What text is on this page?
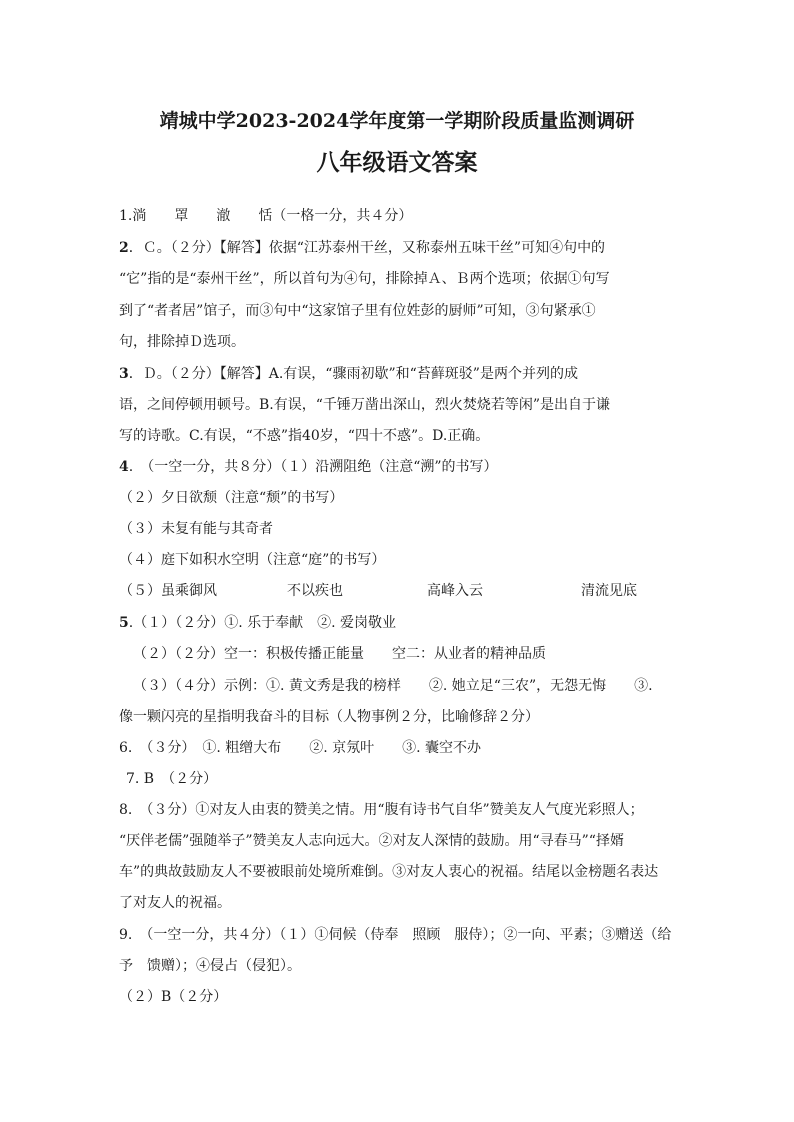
靖城中学2023-2024学年度第一学期阶段质量监测调研
八年级语文答案
1.淌　　罩　　澈　　恬（一格一分，共４分）
2．Ｃ。（２分）【解答】依据“江苏泰州干丝，又称泰州五味干丝”可知④句中的
“它”指的是“泰州干丝”，所以首句为④句，排除掉Ａ、Ｂ两个选项；依据①句写
到了“者者居”馆子，而③句中“这家馆子里有位姓彭的厨师”可知，③句紧承①
句，排除掉Ｄ选项。
3．Ｄ。（２分）【解答】A.有误，“骤雨初歇”和“苔藓斑驳”是两个并列的成
语，之间停顿用顿号。B.有误，“千锤万凿出深山，烈火焚烧若等闲”是出自于谦
写的诗歌。C.有误，“不惑”指40岁，“四十不惑”。D.正确。
4.　（一空一分，共８分）（１）沿溯阻绝（注意“溯”的书写）
（２）夕日欲颓（注意“颓”的书写）
（３）未复有能与其奇者
（４）庭下如积水空明（注意“庭”的书写）
（５）虽乘御风　　　　　不以疾也　　　　　　高峰入云　　　　　　　清流见底
5.（１）（２分）①. 乐于奉献　②. 爱岗敬业
（２）（２分）空一：积极传播正能量　　空二：从业者的精神品质
（３）（４分）示例：①. 黄文秀是我的榜样　　②. 她立足“三农”，无怨无悔　　③.
像一颗闪亮的星指明我奋斗的目标（人物事例２分，比喻修辞２分）
6.　（３分）　①. 粗缯大布　　②. 京氖叶　　③. 囊空不办
7. B　（２分）
8.　（３分）①对友人由衷的赞美之情。用“腹有诗书气自华”赞美友人气度光彩照人；
“厌伴老儒”强随举子”赞美友人志向远大。②对友人深情的鼓励。用“寻春马”“择婿
车”的典故鼓励友人不要被眼前处境所难倒。③对友人衷心的祝福。结尾以金榜题名表达
了对友人的祝福。
9.　（一空一分，共４分）（１）①伺候（侍奉　照顾　服侍）；②一向、平素；③赠送（给
予　馈赠）；④侵占（侵犯）。
（２）B（２分）
